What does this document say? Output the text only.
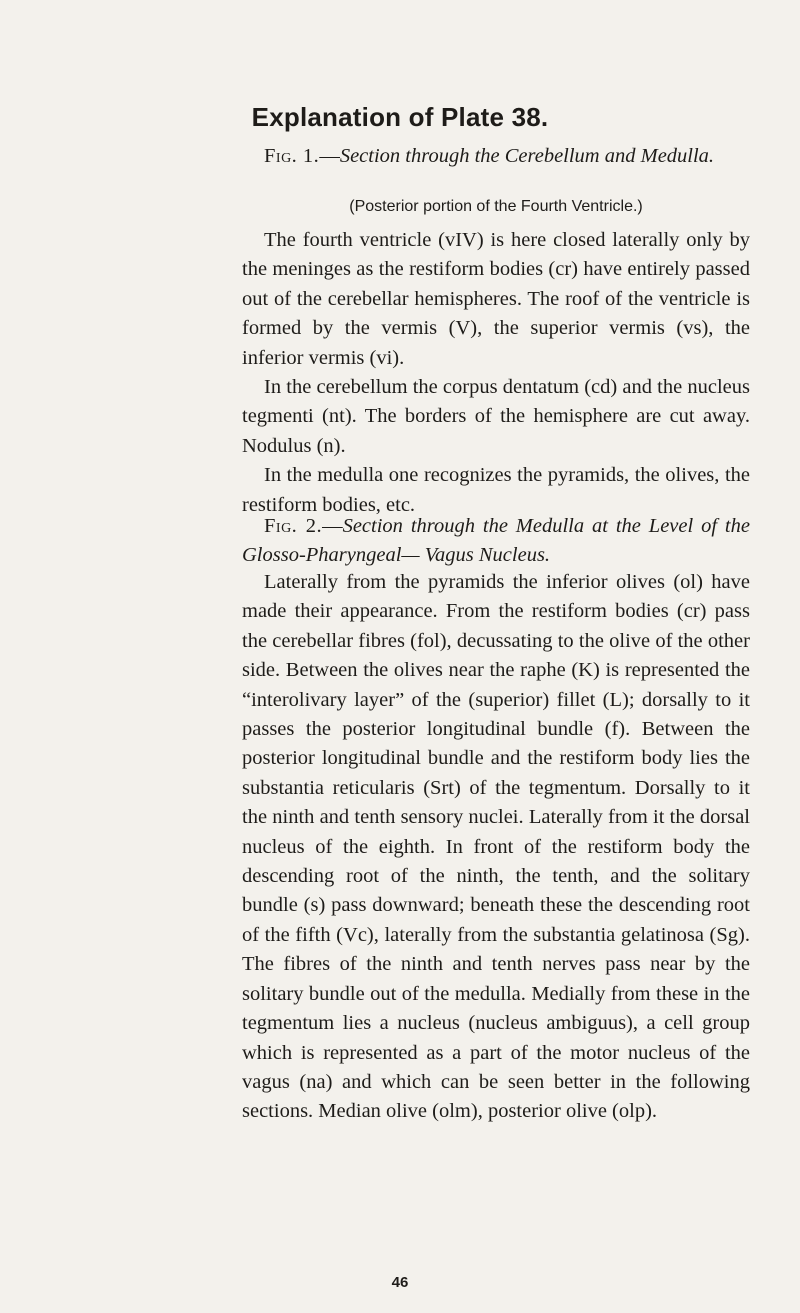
Explanation of Plate 38.

Fig. 1.—Section through the Cerebellum and Medulla.

(Posterior portion of the Fourth Ventricle.)

The fourth ventricle (vIV) is here closed laterally only by the meninges as the restiform bodies (cr) have entirely passed out of the cerebellar hemispheres. The roof of the ventricle is formed by the vermis (V), the superior vermis (vs), the inferior vermis (vi).

In the cerebellum the corpus dentatum (cd) and the nucleus tegmenti (nt). The borders of the hemisphere are cut away. Nodulus (n).

In the medulla one recognizes the pyramids, the olives, the restiform bodies, etc.

Fig. 2.—Section through the Medulla at the Level of the Glosso-Pharyngeal— Vagus Nucleus.

Laterally from the pyramids the inferior olives (ol) have made their appearance. From the restiform bodies (cr) pass the cerebellar fibres (fol), decussating to the olive of the other side. Between the olives near the raphe (K) is represented the “interolivary layer” of the (superior) fillet (L); dorsally to it passes the posterior longitudinal bundle (f). Between the posterior longitudinal bundle and the restiform body lies the substantia reticularis (Srt) of the tegmentum. Dorsally to it the ninth and tenth sensory nuclei. Laterally from it the dorsal nucleus of the eighth. In front of the restiform body the descending root of the ninth, the tenth, and the solitary bundle (s) pass downward; beneath these the descending root of the fifth (Vc), laterally from the substantia gelatinosa (Sg). The fibres of the ninth and tenth nerves pass near by the solitary bundle out of the medulla. Medially from these in the tegmentum lies a nucleus (nucleus ambiguus), a cell group which is represented as a part of the motor nucleus of the vagus (na) and which can be seen better in the following sections. Median olive (olm), posterior olive (olp).

46
